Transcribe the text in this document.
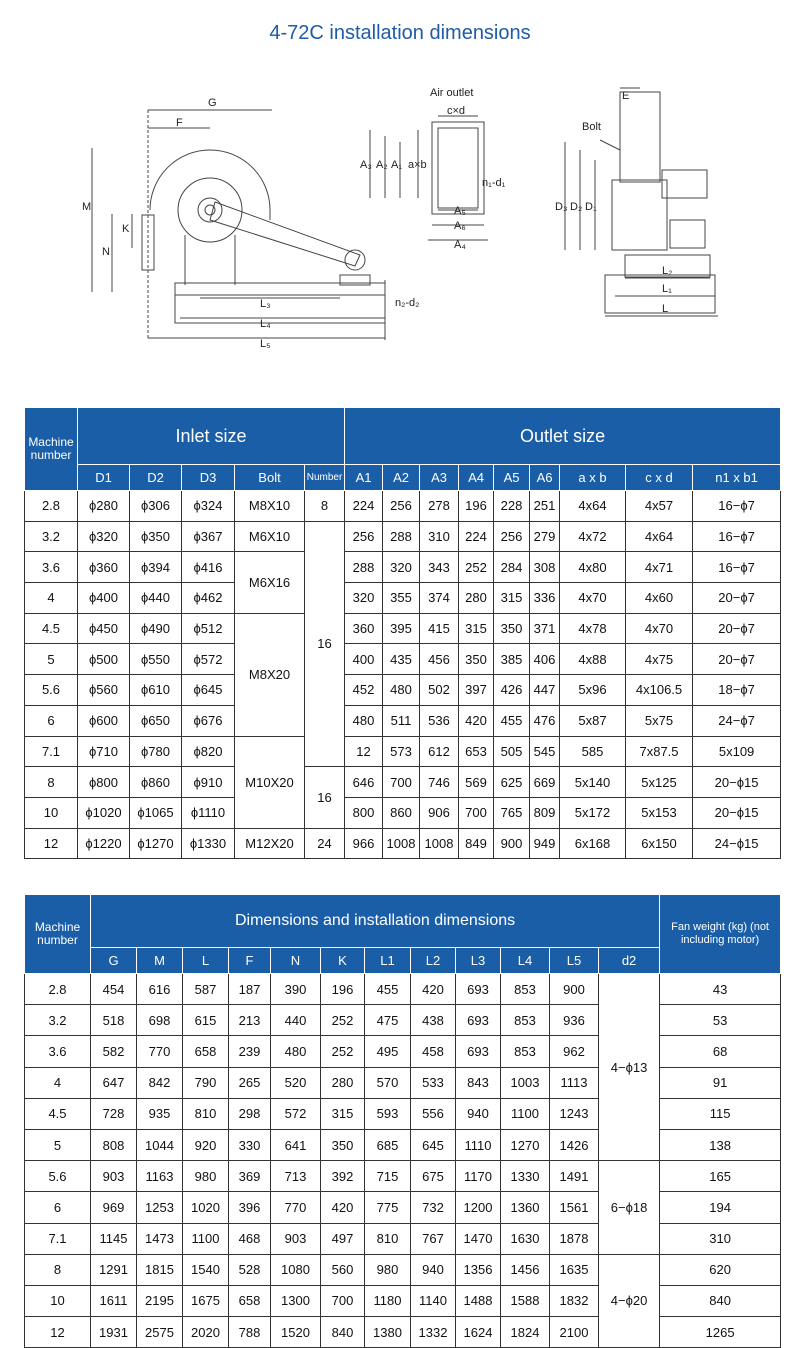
4-72C installation dimensions
G
F
M
N
K
L₃
L₄
L₅
n₂-d₂
Air outlet
c×d
A₃ A₂ A₁ a×b
n₁-d₁
A₅
A₆
A₄
E
Bolt
D₃ D₂ D₁
L₂
L₁
L
Machine number	Inlet size					Outlet size									
	D1	D2	D3	Bolt	Number	A1	A2	A3	A4	A5	A6	a x b	c x d	n1 x b1	
2.8	ϕ280	ϕ306	ϕ324	M8X10	8	224	256	278	196	228	251	4x64	4x57	16−ϕ7	
3.2	ϕ320	ϕ350	ϕ367	M6X10	16	256	288	310	224	256	279	4x72	4x64	16−ϕ7	
3.6	ϕ360	ϕ394	ϕ416	M6X16		288	320	343	252	284	308	4x80	4x71	16−ϕ7	
4	ϕ400	ϕ440	ϕ462			320	355	374	280	315	336	4x70	4x60	20−ϕ7	
4.5	ϕ450	ϕ490	ϕ512	M8X20		360	395	415	315	350	371	4x78	4x70	20−ϕ7	
5	ϕ500	ϕ550	ϕ572			400	435	456	350	385	406	4x88	4x75	20−ϕ7	
5.6	ϕ560	ϕ610	ϕ645			452	480	502	397	426	447	5x96	4x106.5	18−ϕ7	
6	ϕ600	ϕ650	ϕ676			480	511	536	420	455	476	5x87	5x75	24−ϕ7	
7.1	ϕ710	ϕ780	ϕ820	M10X20		12	573	612	653	505	545	585	7x87.5	5x109	
8	ϕ800	ϕ860	ϕ910		16	646	700	746	569	625	669	5x140	5x125	20−ϕ15	
10	ϕ1020	ϕ1065	ϕ1110			800	860	906	700	765	809	5x172	5x153	20−ϕ15	
12	ϕ1220	ϕ1270	ϕ1330	M12X20	24	966	1008	1008	849	900	949	6x168	6x150	24−ϕ15	
Machine number	Dimensions and installation dimensions												Fan weight (kg) (not including motor)
	G	M	L	F	N	K	L1	L2	L3	L4	L5	d2	
2.8	454	616	587	187	390	196	455	420	693	853	900	4−ϕ13	43
3.2	518	698	615	213	440	252	475	438	693	853	936		53
3.6	582	770	658	239	480	252	495	458	693	853	962		68
4	647	842	790	265	520	280	570	533	843	1003	1113		91
4.5	728	935	810	298	572	315	593	556	940	1100	1243		115
5	808	1044	920	330	641	350	685	645	1110	1270	1426		138
5.6	903	1163	980	369	713	392	715	675	1170	1330	1491	6−ϕ18	165
6	969	1253	1020	396	770	420	775	732	1200	1360	1561		194
7.1	1145	1473	1100	468	903	497	810	767	1470	1630	1878		310
8	1291	1815	1540	528	1080	560	980	940	1356	1456	1635	4−ϕ20	620
10	1611	2195	1675	658	1300	700	1180	1140	1488	1588	1832		840
12	1931	2575	2020	788	1520	840	1380	1332	1624	1824	2100		1265
